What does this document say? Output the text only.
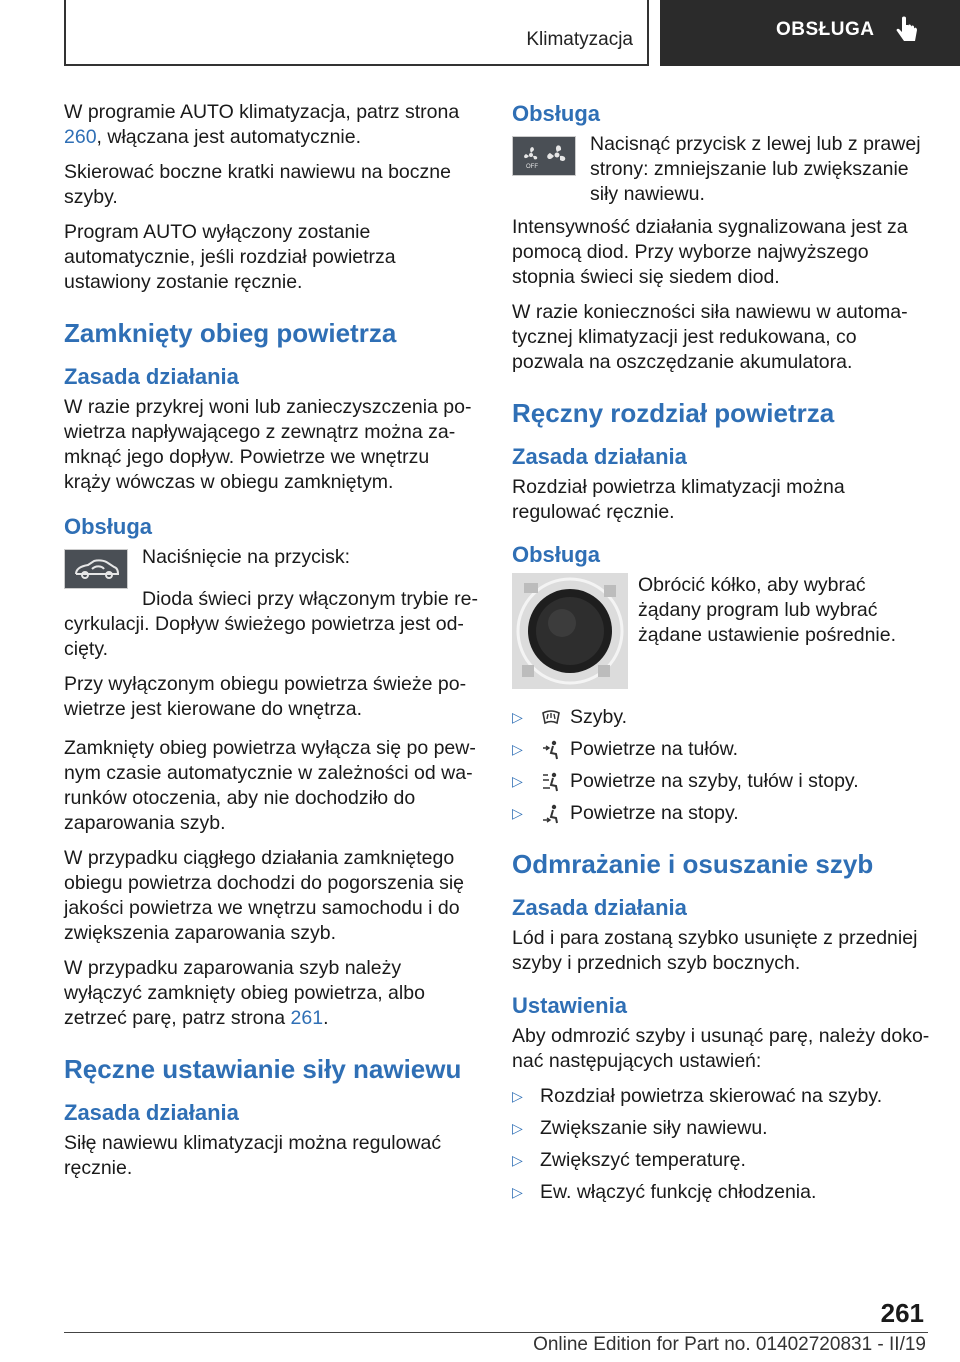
Klimatyzacja	OBSŁUGA

W programie AUTO klimatyzacja, patrz strona 260, włączana jest automatycznie.

Skierować boczne kratki nawiewu na boczne szyby.

Program AUTO wyłączony zostanie automatycznie, jeśli rozdział powietrza ustawiony zostanie ręcznie.

Zamknięty obieg powietrza
Zasada działania

W razie przykrej woni lub zanieczyszczenia powietrza napływającego z zewnątrz można zamknąć jego dopływ. Powietrze we wnętrzu krąży wówczas w obiegu zamkniętym.

Obsługa

Naciśnięcie na przycisk:

Dioda świeci przy włączonym trybie recyrkulacji. Dopływ świeżego powietrza jest odcięty.

Przy wyłączonym obiegu powietrza świeże powietrze jest kierowane do wnętrza.

Zamknięty obieg powietrza wyłącza się po pewnym czasie automatycznie w zależności od warunków otoczenia, aby nie dochodziło do zaparowania szyb.

W przypadku ciągłego działania zamkniętego obiegu powietrza dochodzi do pogorszenia się jakości powietrza we wnętrzu samochodu i do zwiększenia zaparowania szyb.

W przypadku zaparowania szyb należy wyłączyć zamknięty obieg powietrza, albo zetrzeć parę, patrz strona 261.

Ręczne ustawianie siły nawiewu
Zasada działania

Siłę nawiewu klimatyzacji można regulować ręcznie.

Obsługa
OFF

Nacisnąć przycisk z lewej lub z prawej strony: zmniejszanie lub zwiększanie siły nawiewu.

Intensywność działania sygnalizowana jest za pomocą diod. Przy wyborze najwyższego stopnia świeci się siedem diod.

W razie konieczności siła nawiewu w automatycznej klimatyzacji jest redukowana, co pozwala na oszczędzanie akumulatora.

Ręczny rozdział powietrza
Zasada działania

Rozdział powietrza klimatyzacji można regulować ręcznie.

Obsługa

Obrócić kółko, aby wybrać żądany program lub wybrać żądane ustawienie pośrednie.

▷	Szyby.
▷	Powietrze na tułów.
▷	Powietrze na szyby, tułów i stopy.
▷	Powietrze na stopy.
Odmrażanie i osuszanie szyb
Zasada działania

Lód i para zostaną szybko usunięte z przedniej szyby i przednich szyb bocznych.

Ustawienia

Aby odmrozić szyby i usunąć parę, należy dokonać następujących ustawień:

▷ Rozdział powietrza skierować na szyby.
▷ Zwiększanie siły nawiewu.
▷ Zwiększyć temperaturę.
▷ Ew. włączyć funkcję chłodzenia.
261
Online Edition for Part no. 01402720831 - II/19
